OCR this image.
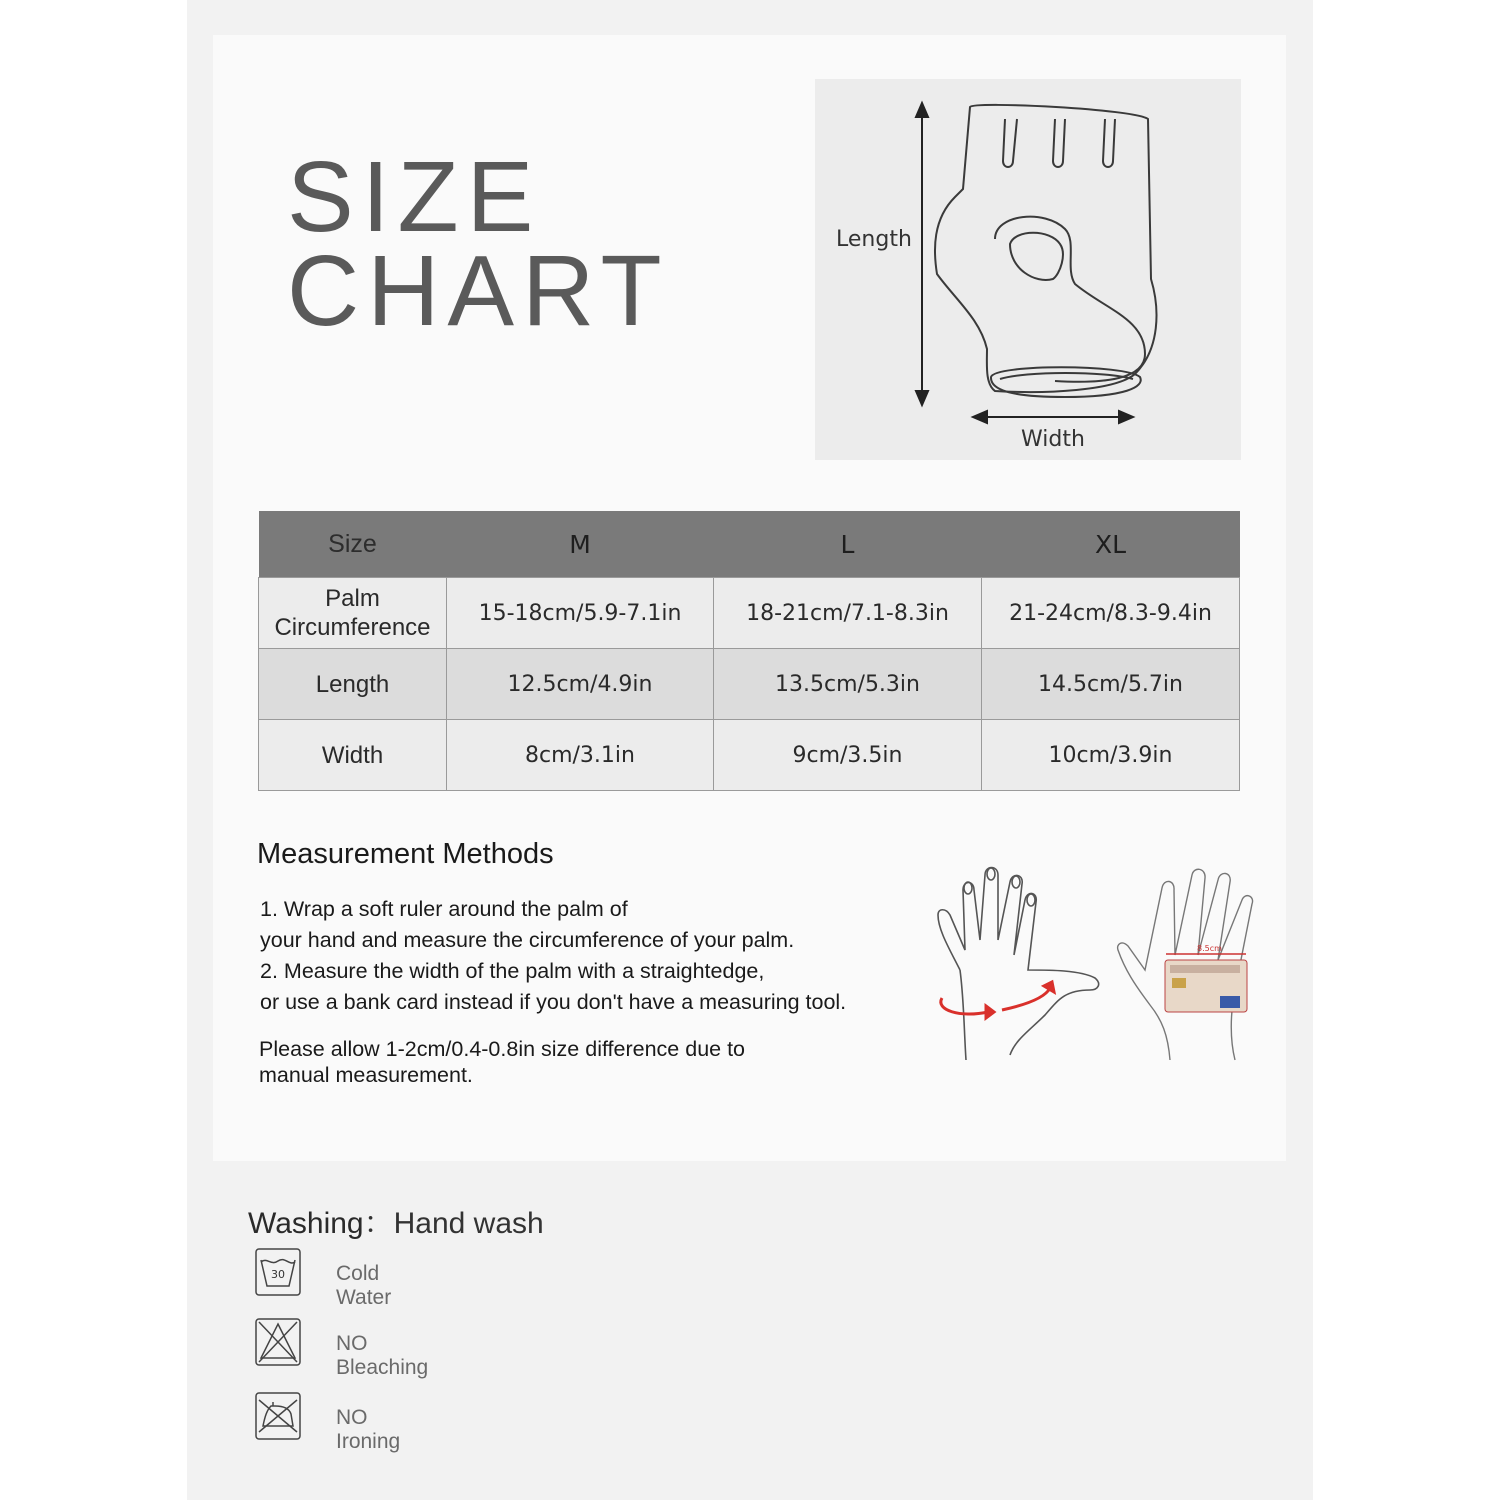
SIZE
CHART	Length
Width
Size	M	L	XL
Palm
Circumference	15-18cm/5.9-7.1in	18-21cm/7.1-8.3in	21-24cm/8.3-9.4in
Length	12.5cm/4.9in	13.5cm/5.3in	14.5cm/5.7in
Width	8cm/3.1in	9cm/3.5in	10cm/3.9in
Measurement Methods
1. Wrap a soft ruler around the palm of
your hand and measure the circumference of your palm.
2. Measure the width of the palm with a straightedge,
or use a bank card instead if you don't have a measuring tool.
Please allow 1-2cm/0.4-0.8in size difference due to
manual measurement.
8.5cm
Washing：Hand wash
30 Cold Water
NO Bleaching
NO Ironing
